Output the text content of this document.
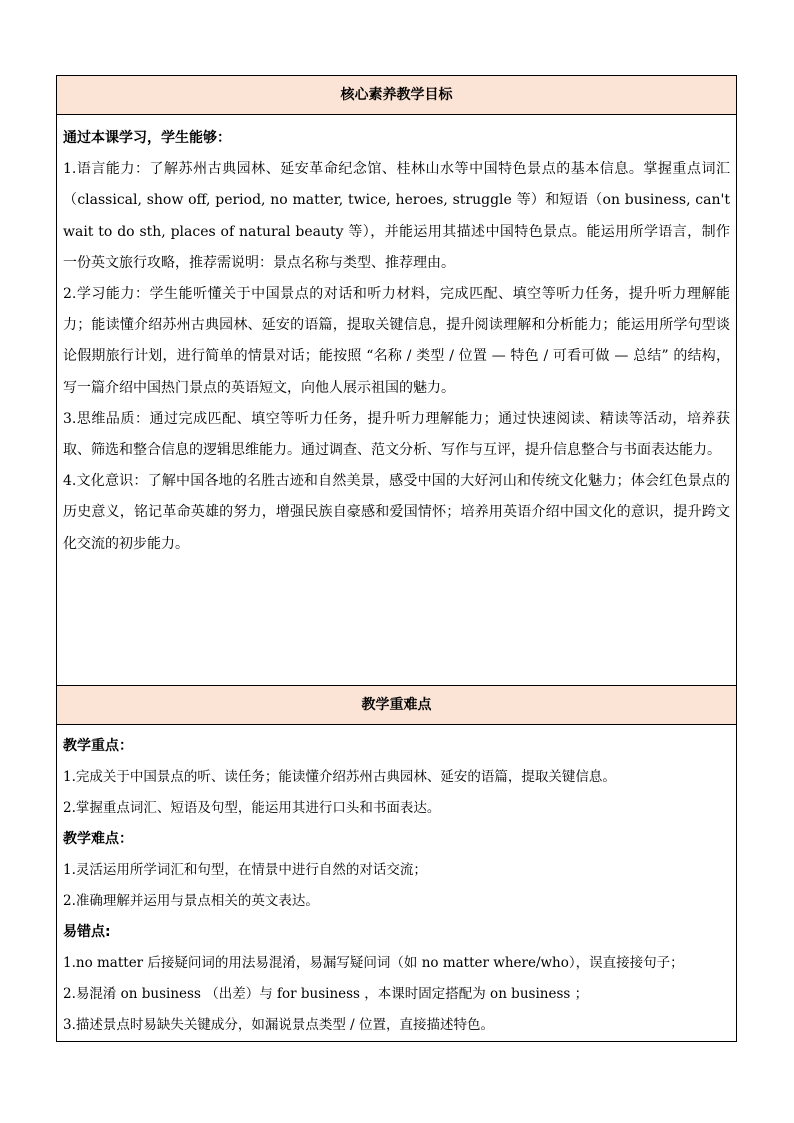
核心素养教学目标

通过本课学习，学生能够：

1.语言能力：了解苏州古典园林、延安革命纪念馆、桂林山水等中国特色景点的基本信息。掌握重点词汇（classical, show off, period, no matter, twice, heroes, struggle 等）和短语（on business, can't wait to do sth, places of natural beauty 等），并能运用其描述中国特色景点。能运用所学语言，制作一份英文旅行攻略，推荐需说明：景点名称与类型、推荐理由。

2.学习能力：学生能听懂关于中国景点的对话和听力材料，完成匹配、填空等听力任务，提升听力理解能力；能读懂介绍苏州古典园林、延安的语篇，提取关键信息，提升阅读理解和分析能力；能运用所学句型谈论假期旅行计划，进行简单的情景对话；能按照 “名称 / 类型 / 位置 — 特色 / 可看可做 — 总结” 的结构，写一篇介绍中国热门景点的英语短文，向他人展示祖国的魅力。

3.思维品质：通过完成匹配、填空等听力任务，提升听力理解能力；通过快速阅读、精读等活动，培养获取、筛选和整合信息的逻辑思维能力。通过调查、范文分析、写作与互评，提升信息整合与书面表达能力。

4.文化意识：了解中国各地的名胜古迹和自然美景，感受中国的大好河山和传统文化魅力；体会红色景点的历史意义，铭记革命英雄的努力，增强民族自豪感和爱国情怀；培养用英语介绍中国文化的意识，提升跨文化交流的初步能力。

教学重难点

教学重点：

1.完成关于中国景点的听、读任务；能读懂介绍苏州古典园林、延安的语篇，提取关键信息。

2.掌握重点词汇、短语及句型，能运用其进行口头和书面表达。

教学难点：

1.灵活运用所学词汇和句型，在情景中进行自然的对话交流；

2.准确理解并运用与景点相关的英文表达。

易错点:

1.no matter 后接疑问词的用法易混淆，易漏写疑问词（如 no matter where/who），误直接接句子；

2.易混淆 on business （出差）与 for business ，本课时固定搭配为 on business ；

3.描述景点时易缺失关键成分，如漏说景点类型 / 位置，直接描述特色。
